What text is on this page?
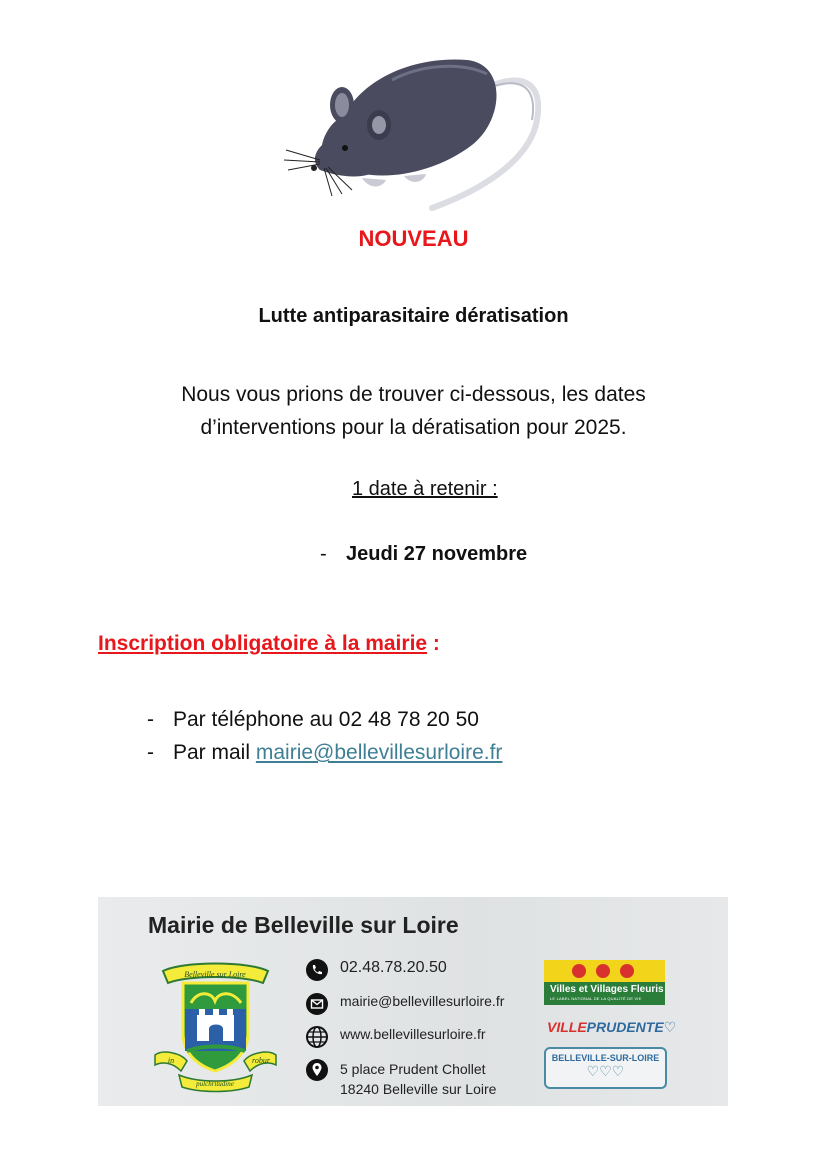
NOUVEAU
Lutte antiparasitaire dératisation
Nous vous prions de trouver ci-dessous, les dates
d’interventions pour la dératisation pour 2025.
1 date à retenir :
- Jeudi 27 novembre
Inscription obligatoire à la mairie :
- Par téléphone au 02 48 78 20 50
- Par mail mairie@bellevillesurloire.fr
Mairie de Belleville sur Loire
Belleville sur Loire
in	robur
pulchritudine
02.48.78.20.50
mairie@bellevillesurloire.fr
www.bellevillesurloire.fr
5 place Prudent Chollet
18240 Belleville sur Loire
Villes et Villages Fleuris
LE LABEL NATIONAL DE LA QUALITÉ DE VIE
VILLEPRUDENTE♡
BELLEVILLE-SUR-LOIRE
♡♡♡
